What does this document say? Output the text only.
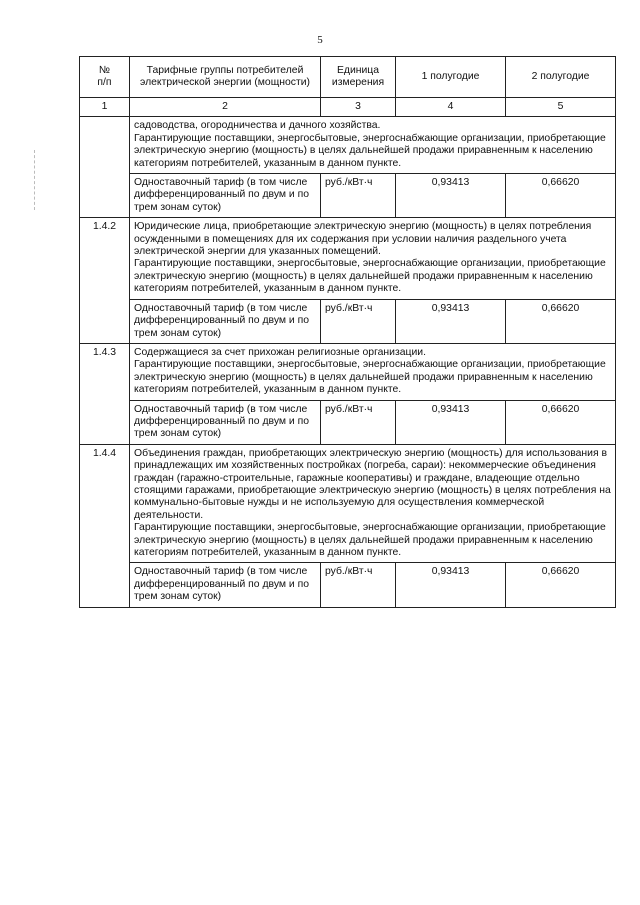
5
№
п/п	Тарифные группы потребителей электрической энергии (мощности)	Единица измерения	1 полугодие	2 полугодие
1	2	3	4	5
	садоводства, огородничества и дачного хозяйства.
Гарантирующие поставщики, энергосбытовые, энергоснабжающие организации, приобретающие электрическую энергию (мощность) в целях дальнейшей продажи приравненным к населению категориям потребителей, указанным в данном пункте.			
	Одноставочный тариф (в том числе дифференцированный по двум и по трем зонам суток)	руб./кВт·ч	0,93413	0,66620
1.4.2	Юридические лица, приобретающие электрическую энергию (мощность) в целях потребления осужденными в помещениях для их содержания при условии наличия раздельного учета электрической энергии для указанных помещений.
Гарантирующие поставщики, энергосбытовые, энергоснабжающие организации, приобретающие электрическую энергию (мощность) в целях дальнейшей продажи приравненным к населению категориям потребителей, указанным в данном пункте.			
	Одноставочный тариф (в том числе дифференцированный по двум и по трем зонам суток)	руб./кВт·ч	0,93413	0,66620
1.4.3	Содержащиеся за счет прихожан религиозные организации.
Гарантирующие поставщики, энергосбытовые, энергоснабжающие организации, приобретающие электрическую энергию (мощность) в целях дальнейшей продажи приравненным к населению категориям потребителей, указанным в данном пункте.			
	Одноставочный тариф (в том числе дифференцированный по двум и по трем зонам суток)	руб./кВт·ч	0,93413	0,66620
1.4.4	Объединения граждан, приобретающих электрическую энергию (мощность) для использования в принадлежащих им хозяйственных постройках (погреба, сараи): некоммерческие объединения граждан (гаражно-строительные, гаражные кооперативы) и граждане, владеющие отдельно стоящими гаражами, приобретающие электрическую энергию (мощность) в целях потребления на коммунально-бытовые нужды и не используемую для осуществления коммерческой деятельности.
Гарантирующие поставщики, энергосбытовые, энергоснабжающие организации, приобретающие электрическую энергию (мощность) в целях дальнейшей продажи приравненным к населению категориям потребителей, указанным в данном пункте.			
	Одноставочный тариф (в том числе дифференцированный по двум и по трем зонам суток)	руб./кВт·ч	0,93413	0,66620
